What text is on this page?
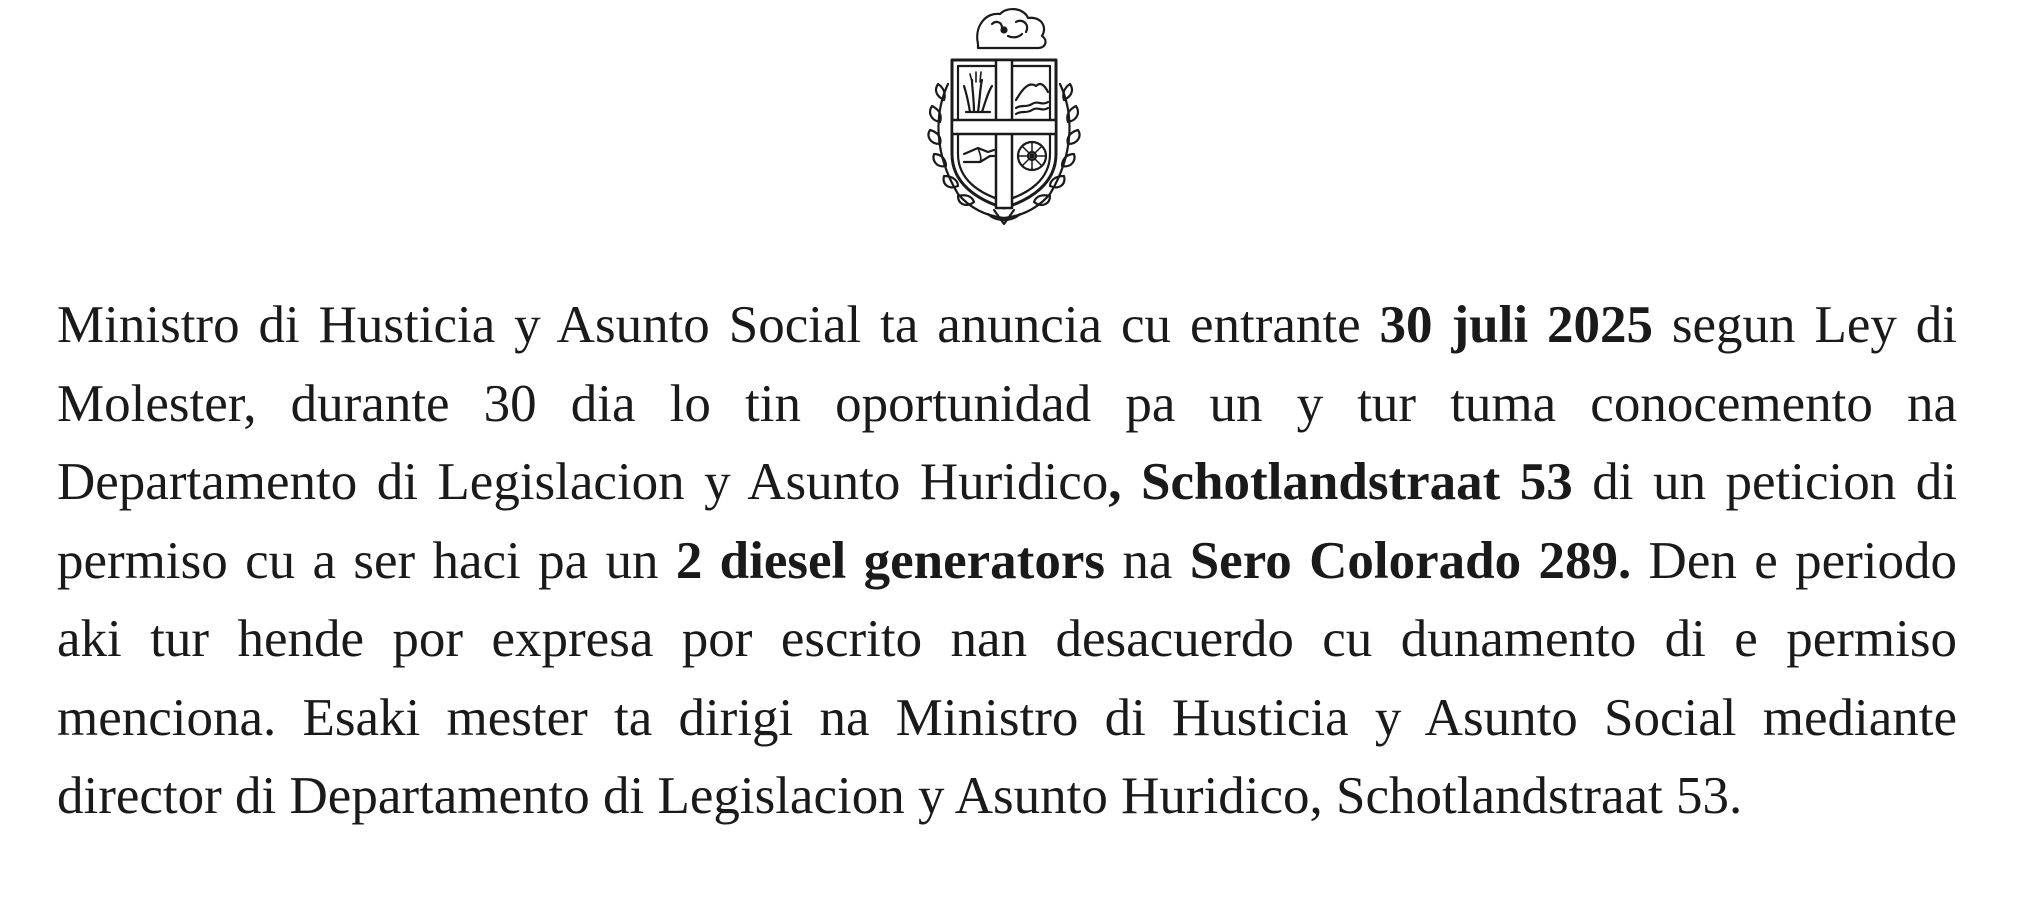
Ministro di Husticia y Asunto Social ta anuncia cu entrante 30 juli 2025 segun Ley di Molester, durante 30 dia lo tin oportunidad pa un y tur tuma conocemento na Departamento di Legislacion y Asunto Huridico, Schotlandstraat 53 di un peticion di permiso cu a ser haci pa un 2 diesel generators na Sero Colorado 289. Den e periodo aki tur hende por expresa por escrito nan desacuerdo cu dunamento di e permiso menciona. Esaki mester ta dirigi na Ministro di Husticia y Asunto Social mediante director di Departamento di Legislacion y Asunto Huridico, Schotlandstraat 53.
